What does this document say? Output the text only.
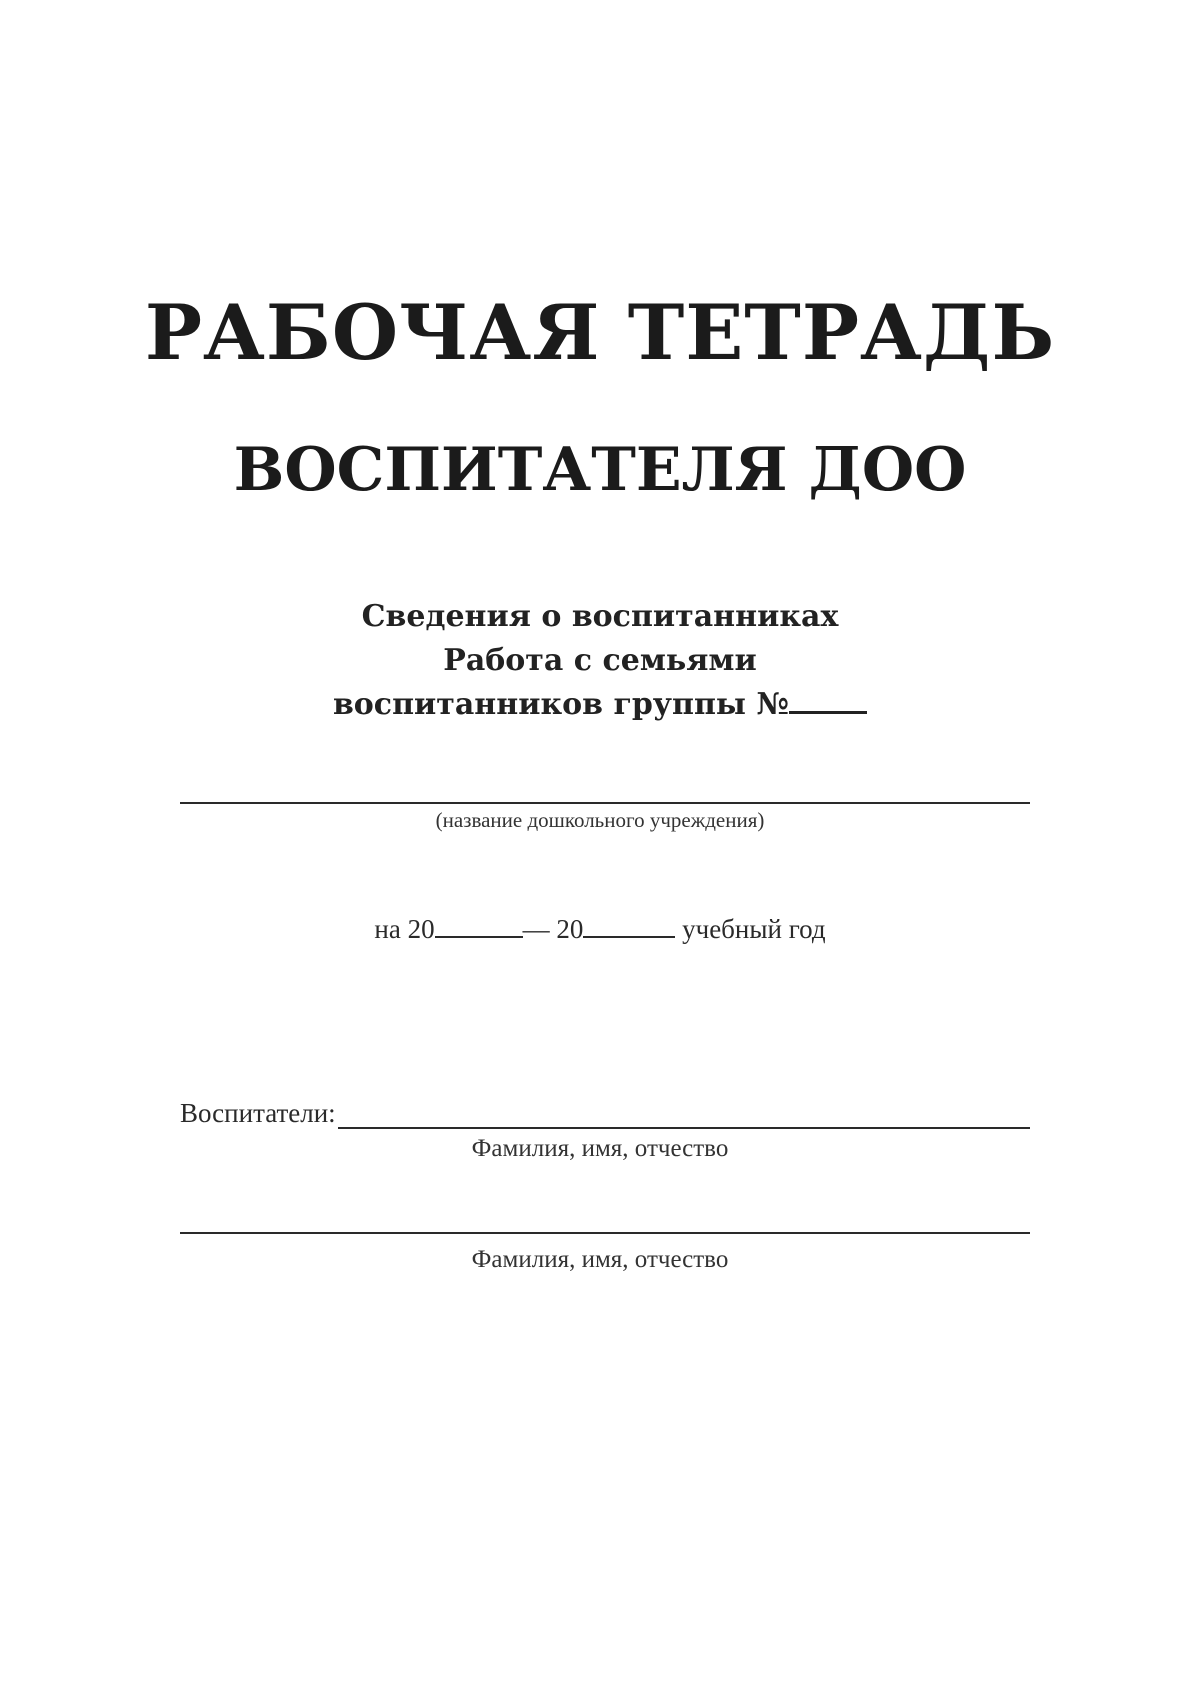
РАБОЧАЯ ТЕТРАДЬ
ВОСПИТАТЕЛЯ ДОО
Сведения о воспитанниках
Работа с семьями
воспитанников группы №
(название дошкольного учреждения)
на 20	— 20	учебный год
Воспитатели:
Фамилия, имя, отчество
Фамилия, имя, отчество
